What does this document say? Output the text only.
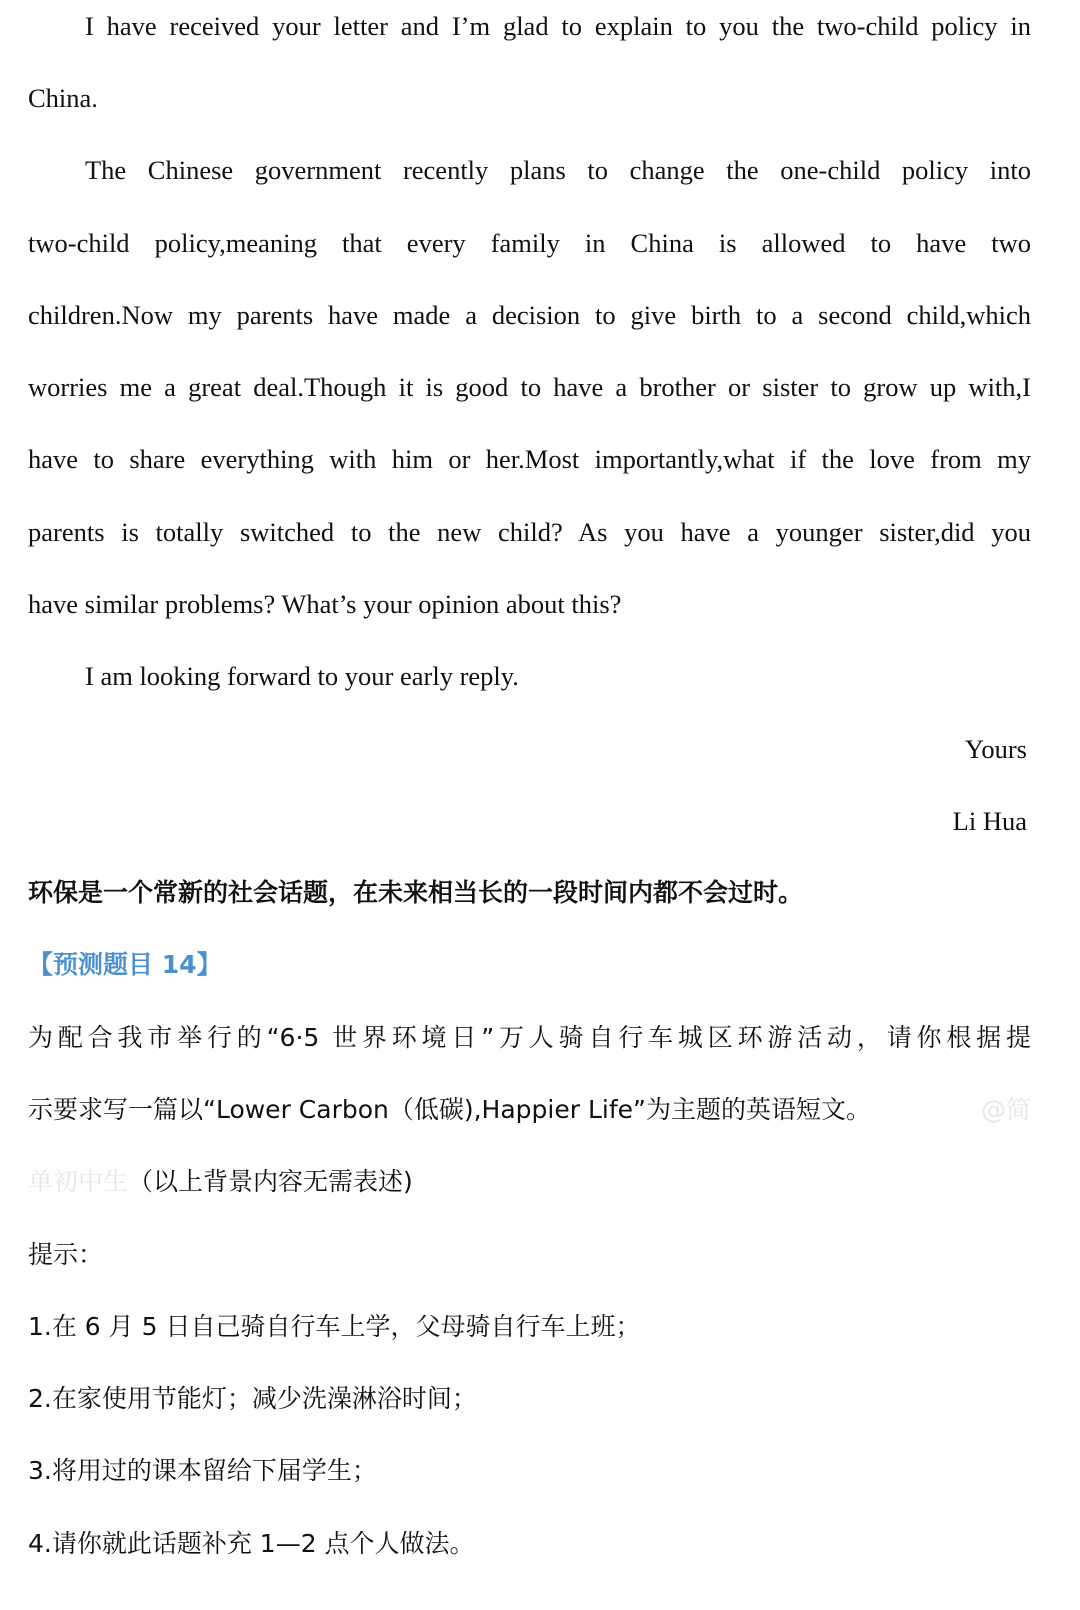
I have received your letter and I’m glad to explain to you the two-child policy in
China.
The Chinese government recently plans to change the one-child policy into
two-child policy,meaning that every family in China is allowed to have two
children.Now my parents have made a decision to give birth to a second child,which
worries me a great deal.Though it is good to have a brother or sister to grow up with,I
have to share everything with him or her.Most importantly,what if the love from my
parents is totally switched to the new child? As you have a younger sister,did you
have similar problems? What’s your opinion about this?
I am looking forward to your early reply.
Yours
Li Hua
环保是一个常新的社会话题，在未来相当长的一段时间内都不会过时。
【预测题目 14】
为配合我市举行的“6·5 世界环境日”万人骑自行车城区环游活动，请你根据提
示要求写一篇以“Lower Carbon（低碳),Happier Life”为主题的英语短文。	@简
单初中生（以上背景内容无需表述)
提示：
1.在 6 月 5 日自己骑自行车上学，父母骑自行车上班；
2.在家使用节能灯；减少洗澡淋浴时间；
3.将用过的课本留给下届学生；
4.请你就此话题补充 1—2 点个人做法。
